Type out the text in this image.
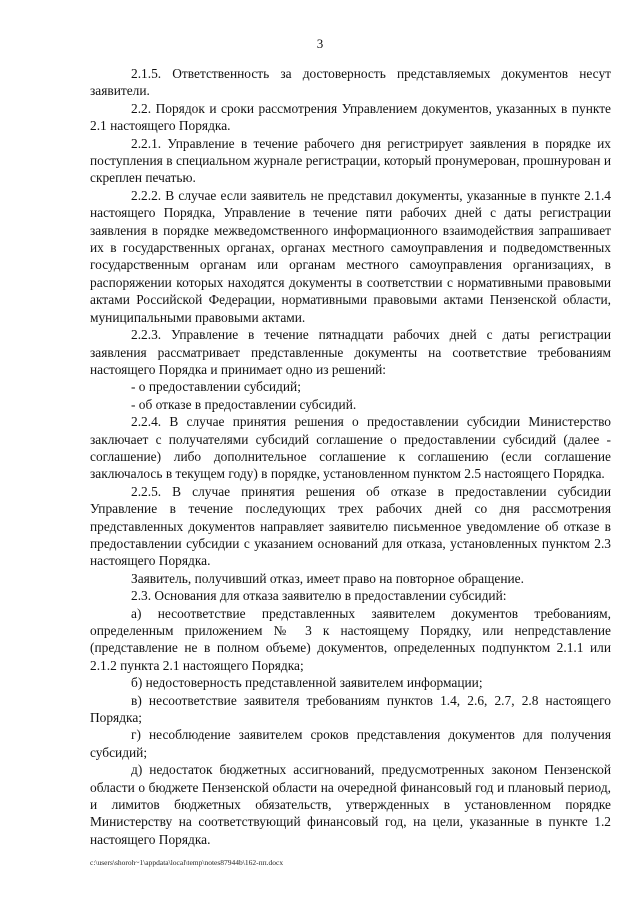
3

2.1.5. Ответственность за достоверность представляемых документов несут заявители.

2.2. Порядок и сроки рассмотрения Управлением документов, указанных в пункте 2.1 настоящего Порядка.

2.2.1. Управление в течение рабочего дня регистрирует заявления в порядке их поступления в специальном журнале регистрации, который пронумерован, прошнурован и скреплен печатью.

2.2.2. В случае если заявитель не представил документы, указанные в пункте 2.1.4 настоящего Порядка, Управление в течение пяти рабочих дней с даты регистрации заявления в порядке межведомственного информационного взаимодействия запрашивает их в государственных органах, органах местного самоуправления и подведомственных государственным органам или органам местного самоуправления организациях, в распоряжении которых находятся документы в соответствии с нормативными правовыми актами Российской Федерации, нормативными правовыми актами Пензенской области, муниципальными правовыми актами.

2.2.3. Управление в течение пятнадцати рабочих дней с даты регистрации заявления рассматривает представленные документы на соответствие требованиям настоящего Порядка и принимает одно из решений:

- о предоставлении субсидий;

- об отказе в предоставлении субсидий.

2.2.4. В случае принятия решения о предоставлении субсидии Министерство заключает с получателями субсидий соглашение о предоставлении субсидий (далее - соглашение) либо дополнительное соглашение к соглашению (если соглашение заключалось в текущем году) в порядке, установленном пунктом 2.5 настоящего Порядка.

2.2.5. В случае принятия решения об отказе в предоставлении субсидии Управление в течение последующих трех рабочих дней со дня рассмотрения представленных документов направляет заявителю письменное уведомление об отказе в предоставлении субсидии с указанием оснований для отказа, установленных пунктом 2.3 настоящего Порядка.

Заявитель, получивший отказ, имеет право на повторное обращение.

2.3. Основания для отказа заявителю в предоставлении субсидий:

а) несоответствие представленных заявителем документов требованиям, определенным приложением № 3 к настоящему Порядку, или непредставление (представление не в полном объеме) документов, определенных подпунктом 2.1.1 или 2.1.2 пункта 2.1 настоящего Порядка;

б) недостоверность представленной заявителем информации;

в) несоответствие заявителя требованиям пунктов 1.4, 2.6, 2.7, 2.8 настоящего Порядка;

г) несоблюдение заявителем сроков представления документов для получения субсидий;

д) недостаток бюджетных ассигнований, предусмотренных законом Пензенской области о бюджете Пензенской области на очередной финансовый год и плановый период, и лимитов бюджетных обязательств, утвержденных в установленном порядке Министерству на соответствующий финансовый год, на цели, указанные в пункте 1.2 настоящего Порядка.

c:\users\shoroh~1\appdata\local\temp\notes87944b\162-пп.docx
